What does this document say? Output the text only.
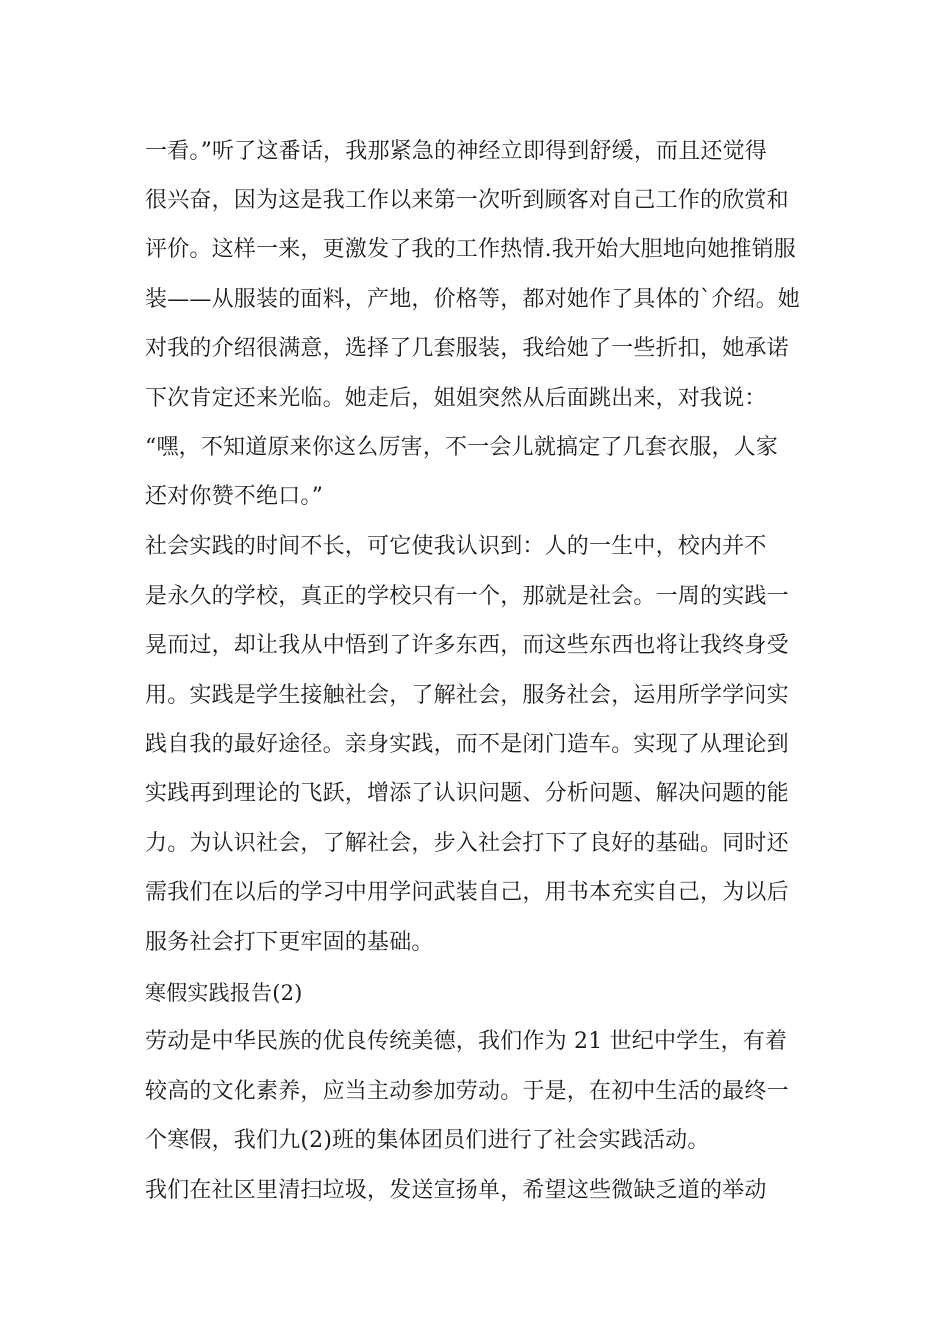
一看。”听了这番话，我那紧急的神经立即得到舒缓，而且还觉得
很兴奋，因为这是我工作以来第一次听到顾客对自己工作的欣赏和
评价。这样一来，更激发了我的工作热情.我开始大胆地向她推销服
装——从服装的面料，产地，价格等，都对她作了具体的`介绍。她
对我的介绍很满意，选择了几套服装，我给她了一些折扣，她承诺
下次肯定还来光临。她走后，姐姐突然从后面跳出来，对我说：
“嘿，不知道原来你这么厉害，不一会儿就搞定了几套衣服，人家
还对你赞不绝口。”
社会实践的时间不长，可它使我认识到：人的一生中，校内并不
是永久的学校，真正的学校只有一个，那就是社会。一周的实践一
晃而过，却让我从中悟到了许多东西，而这些东西也将让我终身受
用。实践是学生接触社会，了解社会，服务社会，运用所学学问实
践自我的最好途径。亲身实践，而不是闭门造车。实现了从理论到
实践再到理论的飞跃，增添了认识问题、分析问题、解决问题的能
力。为认识社会，了解社会，步入社会打下了良好的基础。同时还
需我们在以后的学习中用学问武装自己，用书本充实自己，为以后
服务社会打下更牢固的基础。
寒假实践报告(2)
劳动是中华民族的优良传统美德，我们作为 21 世纪中学生，有着
较高的文化素养，应当主动参加劳动。于是，在初中生活的最终一
个寒假，我们九(2)班的集体团员们进行了社会实践活动。
我们在社区里清扫垃圾，发送宣扬单，希望这些微缺乏道的举动
